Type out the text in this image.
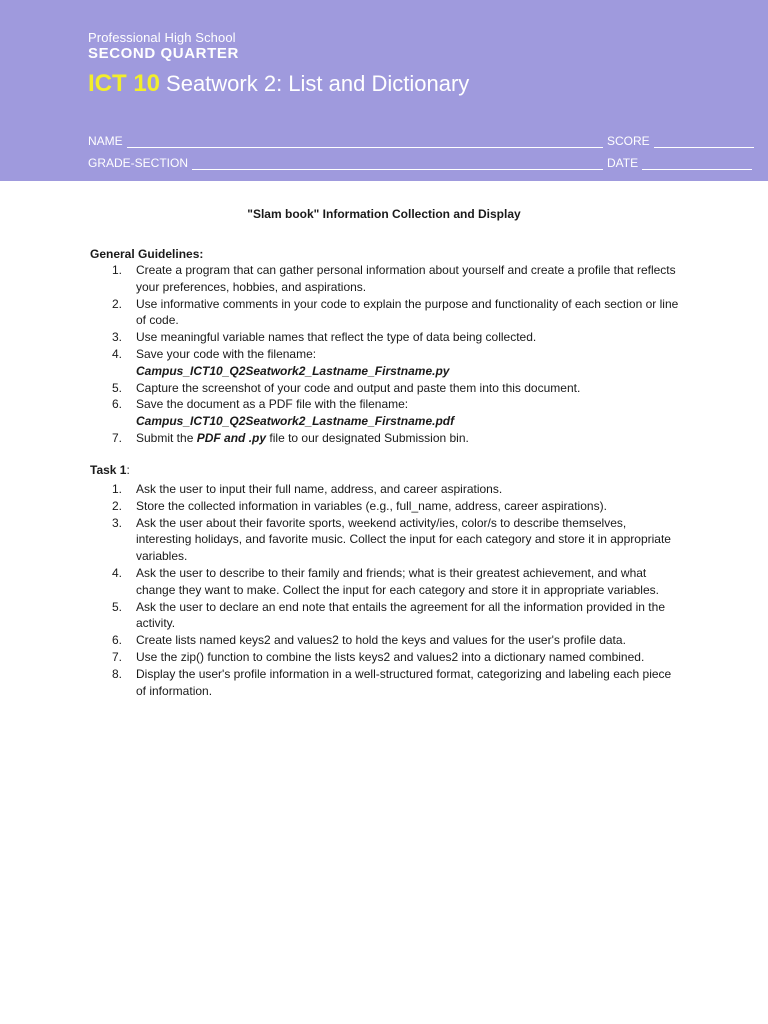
Professional High School
SECOND QUARTER
ICT 10 Seatwork 2: List and Dictionary
NAME	SCORE
GRADE-SECTION	DATE
"Slam book" Information Collection and Display
General Guidelines:
1. Create a program that can gather personal information about yourself and create a profile that reflects your preferences, hobbies, and aspirations.
2. Use informative comments in your code to explain the purpose and functionality of each section or line of code.
3. Use meaningful variable names that reflect the type of data being collected.
4. Save your code with the filename:
Campus_ICT10_Q2Seatwork2_Lastname_Firstname.py
5. Capture the screenshot of your code and output and paste them into this document.
6. Save the document as a PDF file with the filename:
Campus_ICT10_Q2Seatwork2_Lastname_Firstname.pdf
7. Submit the PDF and .py file to our designated Submission bin.
Task 1:
1. Ask the user to input their full name, address, and career aspirations.
2. Store the collected information in variables (e.g., full_name, address, career aspirations).
3. Ask the user about their favorite sports, weekend activity/ies, color/s to describe themselves, interesting holidays, and favorite music. Collect the input for each category and store it in appropriate variables.
4. Ask the user to describe to their family and friends; what is their greatest achievement, and what change they want to make. Collect the input for each category and store it in appropriate variables.
5. Ask the user to declare an end note that entails the agreement for all the information provided in the activity.
6. Create lists named keys2 and values2 to hold the keys and values for the user's profile data.
7. Use the zip() function to combine the lists keys2 and values2 into a dictionary named combined.
8. Display the user's profile information in a well-structured format, categorizing and labeling each piece of information.
